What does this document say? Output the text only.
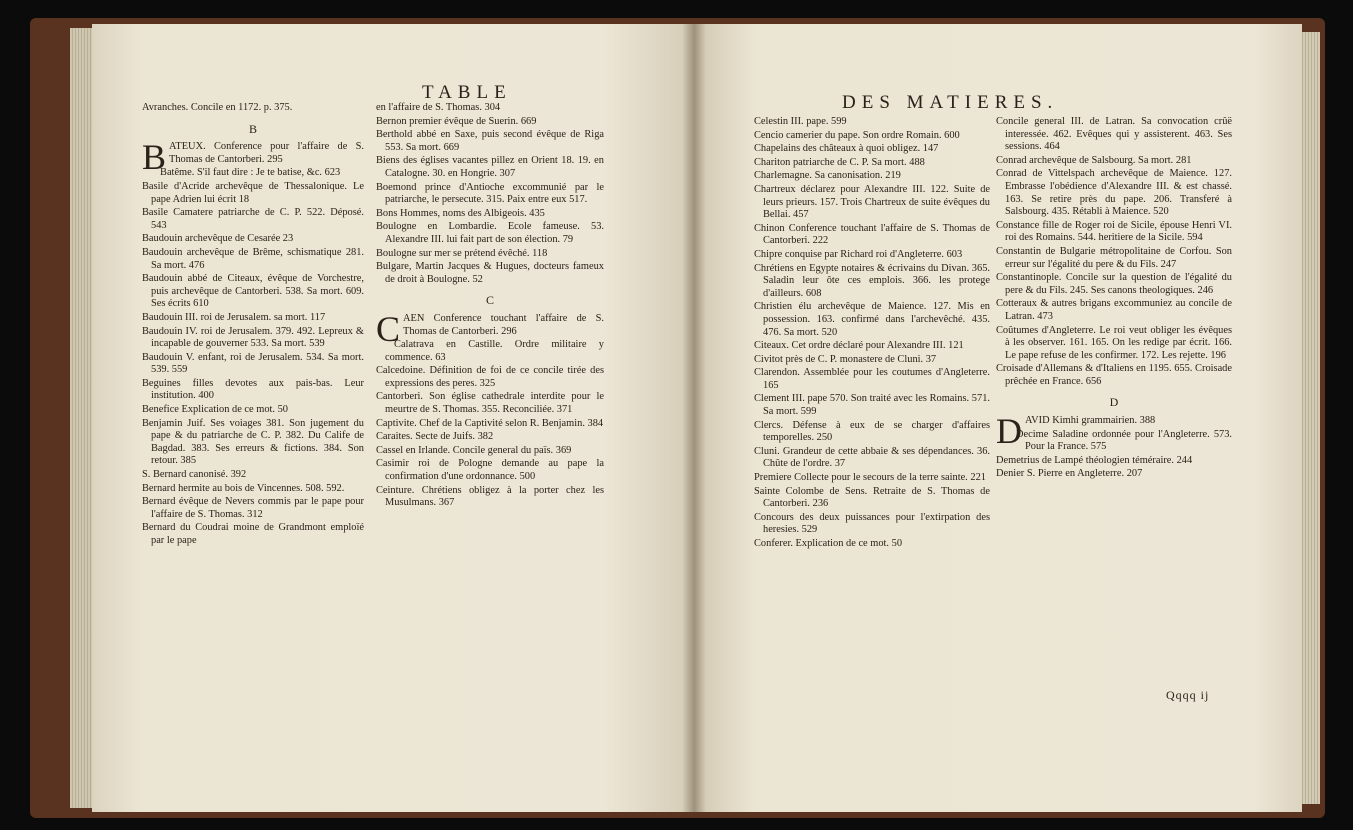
TABLE
Avranches. Concile en 1172. p. 375.
B
BATEUX. Conference pour l'affaire de S. Thomas de Cantorberi. 295
Batême. S'il faut dire : Je te batise, &c. 623
Basile d'Acride archevêque de Thessalonique. Le pape Adrien lui écrit 18
Basile Camatere patriarche de C. P. 522. Déposé. 543
Baudouin archevêque de Cesarée 23
Baudouin archevêque de Brême, schismatique 281. Sa mort. 476
Baudouin abbé de Citeaux, évêque de Vorchestre, puis archevêque de Cantorberi. 538. Sa mort. 609. Ses écrits 610
Baudouin III. roi de Jerusalem. sa mort. 117
Baudouin IV. roi de Jerusalem. 379. 492. Lepreux & incapable de gouverner 533. Sa mort. 539
Baudouin V. enfant, roi de Jerusalem. 534. Sa mort. 539. 559
Beguines filles devotes aux pais-bas. Leur institution. 400
Benefice Explication de ce mot. 50
Benjamin Juif. Ses voiages 381. Son jugement du pape & du patriarche de C. P. 382. Du Calife de Bagdad. 383. Ses erreurs & fictions. 384. Son retour. 385
S. Bernard canonisé. 392
Bernard hermite au bois de Vincennes. 508. 592.
Bernard évêque de Nevers commis par le pape pour l'affaire de S. Thomas. 312
Bernard du Coudrai moine de Grandmont emploïé par le pape
en l'affaire de S. Thomas. 304
Bernon premier évêque de Suerin. 669
Berthold abbé en Saxe, puis second évêque de Riga 553. Sa mort. 669
Biens des églises vacantes pillez en Orient 18. 19. en Catalogne. 30. en Hongrie. 307
Boemond prince d'Antioche excommunié par le patriarche, le persecute. 315. Paix entre eux 517.
Bons Hommes, noms des Albigeois. 435
Boulogne en Lombardie. Ecole fameuse. 53. Alexandre III. lui fait part de son élection. 79
Boulogne sur mer se prétend évêché. 118
Bulgare, Martin Jacques & Hugues, docteurs fameux de droit à Boulogne. 52
C
CAEN Conference touchant l'affaire de S. Thomas de Cantorberi. 296
Calatrava en Castille. Ordre militaire y commence. 63
Calcedoine. Définition de foi de ce concile tirée des expressions des peres. 325
Cantorberi. Son église cathedrale interdite pour le meurtre de S. Thomas. 355. Reconciliée. 371
Captivite. Chef de la Captivité selon R. Benjamin. 384
Caraites. Secte de Juifs. 382
Cassel en Irlande. Concile general du païs. 369
Casimir roi de Pologne demande au pape la confirmation d'une ordonnance. 500
Ceinture. Chrétiens obligez à la porter chez les Musulmans. 367
DES MATIERES.
Celestin III. pape. 599
Cencio camerier du pape. Son ordre Romain. 600
Chapelains des châteaux à quoi obligez. 147
Chariton patriarche de C. P. Sa mort. 488
Charlemagne. Sa canonisation. 219
Chartreux déclarez pour Alexandre III. 122. Suite de leurs prieurs. 157. Trois Chartreux de suite évêques du Bellai. 457
Chinon Conference touchant l'affaire de S. Thomas de Cantorberi. 222
Chipre conquise par Richard roi d'Angleterre. 603
Chrétiens en Egypte notaires & écrivains du Divan. 365. Saladin leur ôte ces emplois. 366. les protege d'ailleurs. 608
Christien élu archevêque de Maience. 127. Mis en possession. 163. confirmé dans l'archevêché. 435. 476. Sa mort. 520
Citeaux. Cet ordre déclaré pour Alexandre III. 121
Civitot près de C. P. monastere de Cluni. 37
Clarendon. Assemblée pour les coutumes d'Angleterre. 165
Clement III. pape 570. Son traité avec les Romains. 571. Sa mort. 599
Clercs. Défense à eux de se charger d'affaires temporelles. 250
Cluni. Grandeur de cette abbaie & ses dépendances. 36. Chûte de l'ordre. 37
Premiere Collecte pour le secours de la terre sainte. 221
Sainte Colombe de Sens. Retraite de S. Thomas de Cantorberi. 236
Concours des deux puissances pour l'extirpation des heresies. 529
Conferer. Explication de ce mot. 50
Concile general III. de Latran. Sa convocation crûë interessée. 462. Evêques qui y assisterent. 463. Ses sessions. 464
Conrad archevêque de Salsbourg. Sa mort. 281
Conrad de Vittelspach archevêque de Maience. 127. Embrasse l'obédience d'Alexandre III. & est chassé. 163. Se retire près du pape. 206. Transferé à Salsbourg. 435. Rétabli à Maience. 520
Constance fille de Roger roi de Sicile, épouse Henri VI. roi des Romains. 544. heritiere de la Sicile. 594
Constantin de Bulgarie métropolitaine de Corfou. Son erreur sur l'égalité du pere & du Fils. 247
Constantinople. Concile sur la question de l'égalité du pere & du Fils. 245. Ses canons theologiques. 246
Cotteraux & autres brigans excommuniez au concile de Latran. 473
Coûtumes d'Angleterre. Le roi veut obliger les évêques à les observer. 161. 165. On les redige par écrit. 166. Le pape refuse de les confirmer. 172. Les rejette. 196
Croisade d'Allemans & d'Italiens en 1195. 655. Croisade prêchée en France. 656
D
DAVID Kimhi grammairien. 388
Decime Saladine ordonnée pour l'Angleterre. 573. Pour la France. 575
Demetrius de Lampé théologien téméraire. 244
Denier S. Pierre en Angleterre. 207
Qqqq ij
